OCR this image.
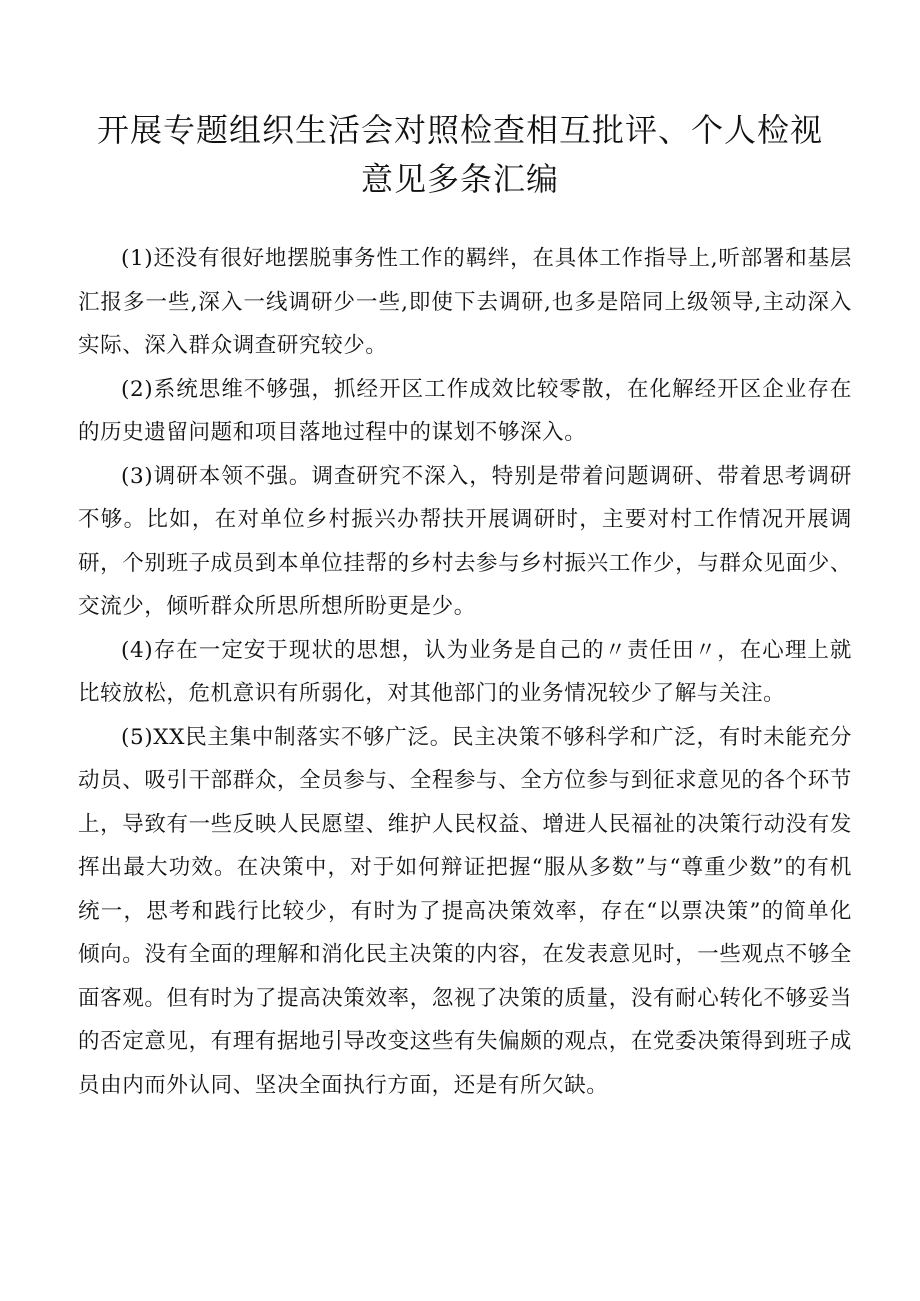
开展专题组织生活会对照检查相互批评、个人检视
意见多条汇编

(1)还没有很好地摆脱事务性工作的羁绊，在具体工作指导上,听部署和基层汇报多一些,深入一线调研少一些,即使下去调研,也多是陪同上级领导,主动深入实际、深入群众调查研究较少。

(2)系统思维不够强，抓经开区工作成效比较零散，在化解经开区企业存在的历史遗留问题和项目落地过程中的谋划不够深入。

(3)调研本领不强。调查研究不深入，特别是带着问题调研、带着思考调研不够。比如，在对单位乡村振兴办帮扶开展调研时，主要对村工作情况开展调研，个别班子成员到本单位挂帮的乡村去参与乡村振兴工作少，与群众见面少、交流少，倾听群众所思所想所盼更是少。

(4)存在一定安于现状的思想，认为业务是自己的〃责任田〃，在心理上就比较放松，危机意识有所弱化，对其他部门的业务情况较少了解与关注。

(5)XX民主集中制落实不够广泛。民主决策不够科学和广泛，有时未能充分动员、吸引干部群众，全员参与、全程参与、全方位参与到征求意见的各个环节上，导致有一些反映人民愿望、维护人民权益、增进人民福祉的决策行动没有发挥出最大功效。在决策中，对于如何辩证把握“服从多数”与“尊重少数”的有机统一，思考和践行比较少，有时为了提高决策效率，存在“以票决策”的简单化倾向。没有全面的理解和消化民主决策的内容，在发表意见时，一些观点不够全面客观。但有时为了提高决策效率，忽视了决策的质量，没有耐心转化不够妥当的否定意见，有理有据地引导改变这些有失偏颇的观点，在党委决策得到班子成员由内而外认同、坚决全面执行方面，还是有所欠缺。
